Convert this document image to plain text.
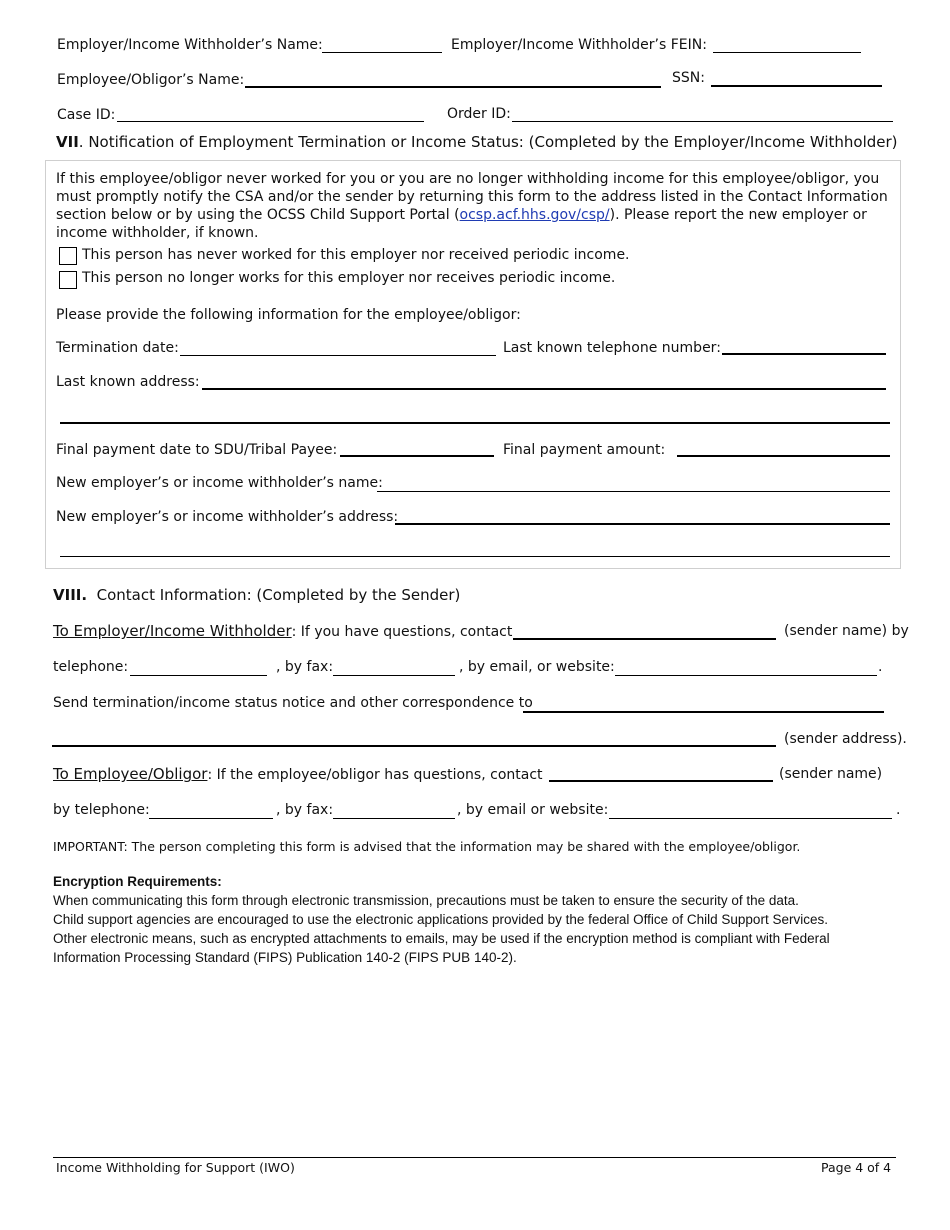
Employer/Income Withholder’s Name:	Employer/Income Withholder’s FEIN:
Employee/Obligor’s Name:	SSN:
Case ID:	Order ID:
VII. Notification of Employment Termination or Income Status: (Completed by the Employer/Income Withholder)
If this employee/obligor never worked for you or you are no longer withholding income for this employee/obligor, you must promptly notify the CSA and/or the sender by returning this form to the address listed in the Contact Information section below or by using the OCSS Child Support Portal (ocsp.acf.hhs.gov/csp/). Please report the new employer or income withholder, if known.
This person has never worked for this employer nor received periodic income.
This person no longer works for this employer nor receives periodic income.
Please provide the following information for the employee/obligor:
Termination date:	Last known telephone number:
Last known address:
Final payment date to SDU/Tribal Payee:	Final payment amount:
New employer’s or income withholder’s name:
New employer’s or income withholder’s address:
VIII. Contact Information: (Completed by the Sender)
To Employer/Income Withholder: If you have questions, contact	(sender name) by
telephone:	, by fax:	, by email, or website:	.
Send termination/income status notice and other correspondence to
(sender address).
To Employee/Obligor: If the employee/obligor has questions, contact	(sender name)
by telephone:	, by fax:	, by email or website:	.
IMPORTANT: The person completing this form is advised that the information may be shared with the employee/obligor.
Encryption Requirements:
When communicating this form through electronic transmission, precautions must be taken to ensure the security of the data.
Child support agencies are encouraged to use the electronic applications provided by the federal Office of Child Support Services.
Other electronic means, such as encrypted attachments to emails, may be used if the encryption method is compliant with Federal
Information Processing Standard (FIPS) Publication 140-2 (FIPS PUB 140-2).
Income Withholding for Support (IWO)	Page 4 of 4
